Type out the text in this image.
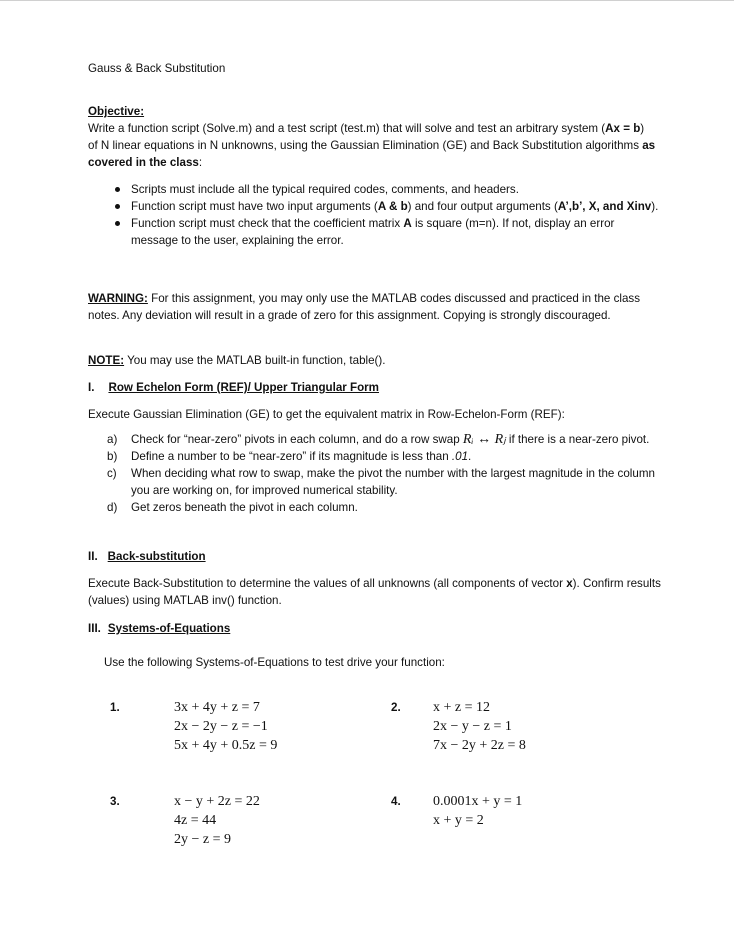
Gauss & Back Substitution
Objective:
Write a function script (Solve.m) and a test script (test.m) that will solve and test an arbitrary system (Ax = b) of N linear equations in N unknowns, using the Gaussian Elimination (GE) and Back Substitution algorithms as covered in the class:
Scripts must include all the typical required codes, comments, and headers.
Function script must have two input arguments (A & b) and four output arguments (A’,b’, X, and Xinv).
Function script must check that the coefficient matrix A is square (m=n). If not, display an error message to the user, explaining the error.
WARNING: For this assignment, you may only use the MATLAB codes discussed and practiced in the class notes. Any deviation will result in a grade of zero for this assignment. Copying is strongly discouraged.
NOTE: You may use the MATLAB built-in function, table().
I. Row Echelon Form (REF)/ Upper Triangular Form
Execute Gaussian Elimination (GE) to get the equivalent matrix in Row-Echelon-Form (REF):
a) Check for “near-zero” pivots in each column, and do a row swap Rᵢ ↔ Rⱼ if there is a near-zero pivot.
b) Define a number to be “near-zero” if its magnitude is less than .01.
c) When deciding what row to swap, make the pivot the number with the largest magnitude in the column you are working on, for improved numerical stability.
d) Get zeros beneath the pivot in each column.
II. Back-substitution
Execute Back-Substitution to determine the values of all unknowns (all components of vector x). Confirm results (values) using MATLAB inv() function.
III. Systems-of-Equations
Use the following Systems-of-Equations to test drive your function:
1.	3x + 4y + z = 7
2x − 2y − z = −1
5x + 4y + 0.5z = 9
2. x + z = 12
2x − y − z = 1
7x − 2y + 2z = 8
3.	x − y + 2z = 22
4z = 44
2y − z = 9
4. 0.0001x + y = 1
x + y = 2
